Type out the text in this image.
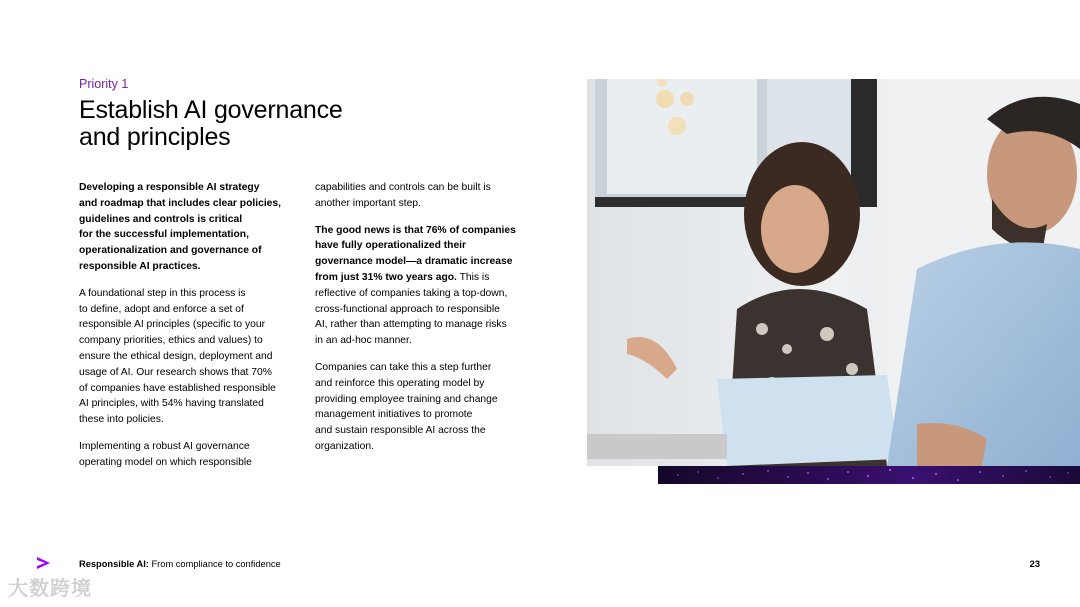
Priority 1
Establish AI governance
and principles

Developing a responsible AI strategy
and roadmap that includes clear policies,
guidelines and controls is critical
for the successful implementation,
operationalization and governance of
responsible AI practices.

A foundational step in this process is
to define, adopt and enforce a set of
responsible AI principles (specific to your
company priorities, ethics and values) to
ensure the ethical design, deployment and
usage of AI. Our research shows that 70%
of companies have established responsible
AI principles, with 54% having translated
these into policies.

Implementing a robust AI governance
operating model on which responsible

capabilities and controls can be built is
another important step.

The good news is that 76% of companies
have fully operationalized their
governance model—a dramatic increase
from just 31% two years ago. This is
reflective of companies taking a top-down,
cross-functional approach to responsible
AI, rather than attempting to manage risks
in an ad-hoc manner.

Companies can take this a step further
and reinforce this operating model by
providing employee training and change
management initiatives to promote
and sustain responsible AI across the
organization.

Responsible AI: From compliance to confidence	23
大数跨境
